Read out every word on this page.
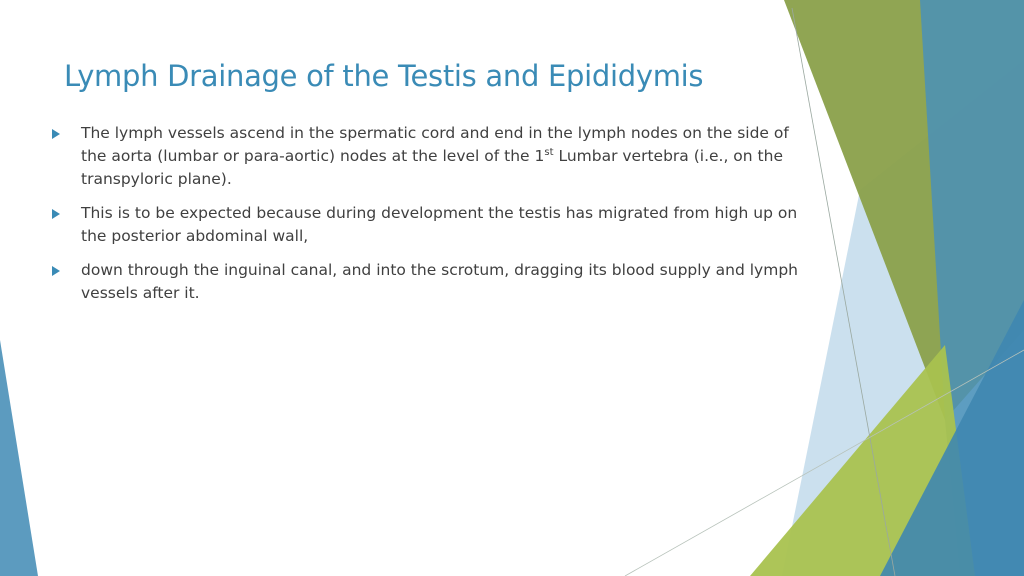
Lymph Drainage of the Testis and Epididymis
The lymph vessels ascend in the spermatic cord and end in the lymph nodes on the side of the aorta (lumbar or para-aortic) nodes at the level of the 1st Lumbar vertebra (i.e., on the transpyloric plane).
This is to be expected because during development the testis has migrated from high up on the posterior abdominal wall,
down through the inguinal canal, and into the scrotum, dragging its blood supply and lymph vessels after it.
